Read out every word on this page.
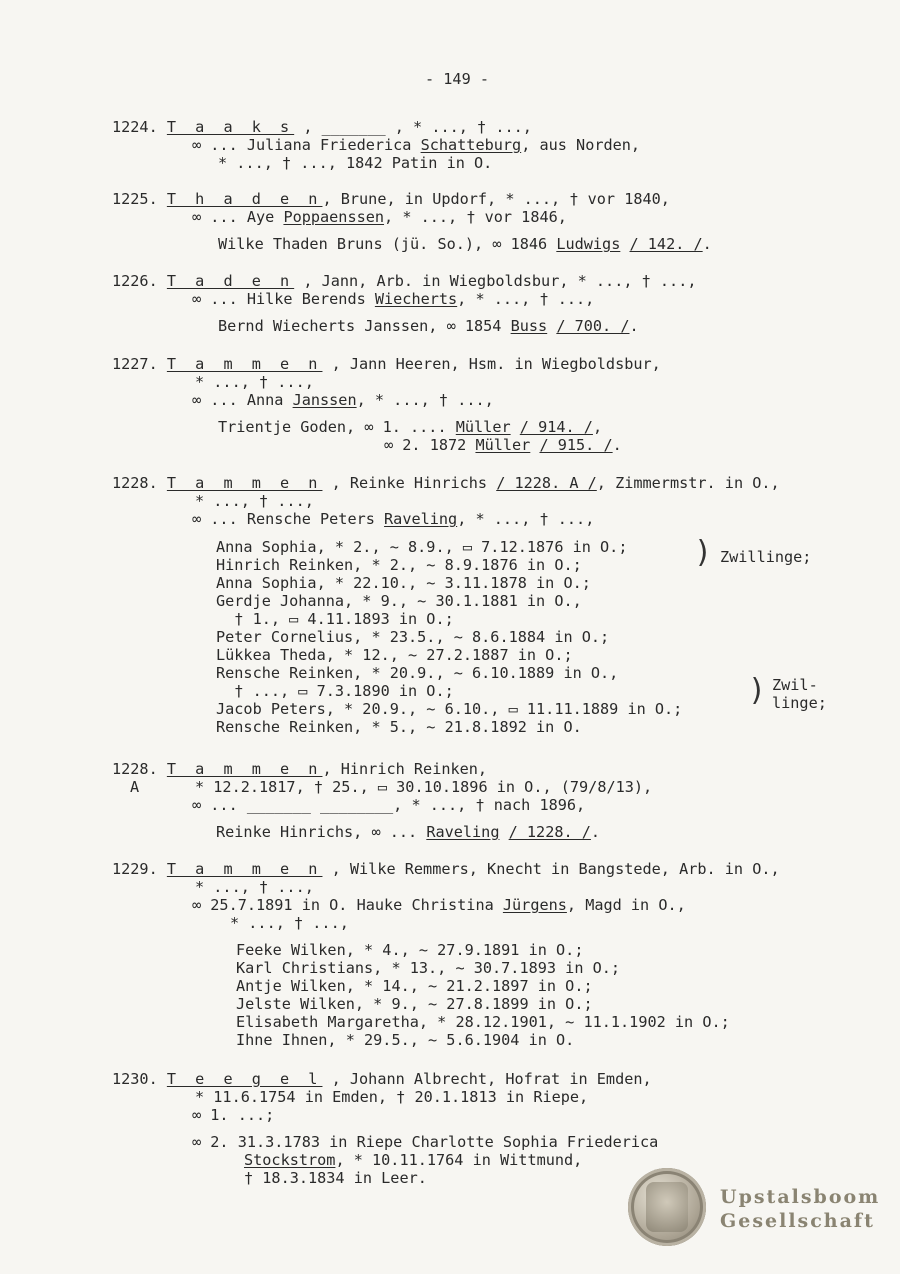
- 149 -
1224. T a a k s , _______ , * ..., † ...,
∞ ... Juliana Friederica Schatteburg, aus Norden,
* ..., † ..., 1842 Patin in O.
1225. T h a d e n, Brune, in Updorf, * ..., † vor 1840,
∞ ... Aye Poppaenssen, * ..., † vor 1846,
Wilke Thaden Bruns (jü. So.), ∞ 1846 Ludwigs / 142. /.
1226. T a d e n , Jann, Arb. in Wiegboldsbur, * ..., † ...,
∞ ... Hilke Berends Wiecherts, * ..., † ...,
Bernd Wiecherts Janssen, ∞ 1854 Buss / 700. /.
1227. T a m m e n , Jann Heeren, Hsm. in Wiegboldsbur,
* ..., † ...,
∞ ... Anna Janssen, * ..., † ...,
Trientje Goden, ∞ 1. .... Müller / 914. /,
∞ 2. 1872 Müller / 915. /.
1228. T a m m e n , Reinke Hinrichs / 1228. A /, Zimmermstr. in O.,
* ..., † ...,
∞ ... Rensche Peters Raveling, * ..., † ...,
Anna Sophia, * 2., ~ 8.9., ▭ 7.12.1876 in O.;
Hinrich Reinken, * 2., ~ 8.9.1876 in O.;
Anna Sophia, * 22.10., ~ 3.11.1878 in O.;
Gerdje Johanna, * 9., ~ 30.1.1881 in O.,
† 1., ▭ 4.11.1893 in O.;
Peter Cornelius, * 23.5., ~ 8.6.1884 in O.;
Lükkea Theda, * 12., ~ 27.2.1887 in O.;
Rensche Reinken, * 20.9., ~ 6.10.1889 in O.,
† ..., ▭ 7.3.1890 in O.;
Jacob Peters, * 20.9., ~ 6.10., ▭ 11.11.1889 in O.;
Rensche Reinken, * 5., ~ 21.8.1892 in O.
) Zwillinge;
) Zwil-
linge;
1228. T a m m e n, Hinrich Reinken,
A	* 12.2.1817, † 25., ▭ 30.10.1896 in O., (79/8/13),
∞ ... _______ ________, * ..., † nach 1896,
Reinke Hinrichs, ∞ ... Raveling / 1228. /.
1229. T a m m e n , Wilke Remmers, Knecht in Bangstede, Arb. in O.,
* ..., † ...,
∞ 25.7.1891 in O. Hauke Christina Jürgens, Magd in O.,
* ..., † ...,
Feeke Wilken, * 4., ~ 27.9.1891 in O.;
Karl Christians, * 13., ~ 30.7.1893 in O.;
Antje Wilken, * 14., ~ 21.2.1897 in O.;
Jelste Wilken, * 9., ~ 27.8.1899 in O.;
Elisabeth Margaretha, * 28.12.1901, ~ 11.1.1902 in O.;
Ihne Ihnen, * 29.5., ~ 5.6.1904 in O.
1230. T e e g e l , Johann Albrecht, Hofrat in Emden,
* 11.6.1754 in Emden, † 20.1.1813 in Riepe,
∞ 1. ...;
∞ 2. 31.3.1783 in Riepe Charlotte Sophia Friederica
Stockstrom, * 10.11.1764 in Wittmund,
† 18.3.1834 in Leer.
Upstalsboom
Gesellschaft
